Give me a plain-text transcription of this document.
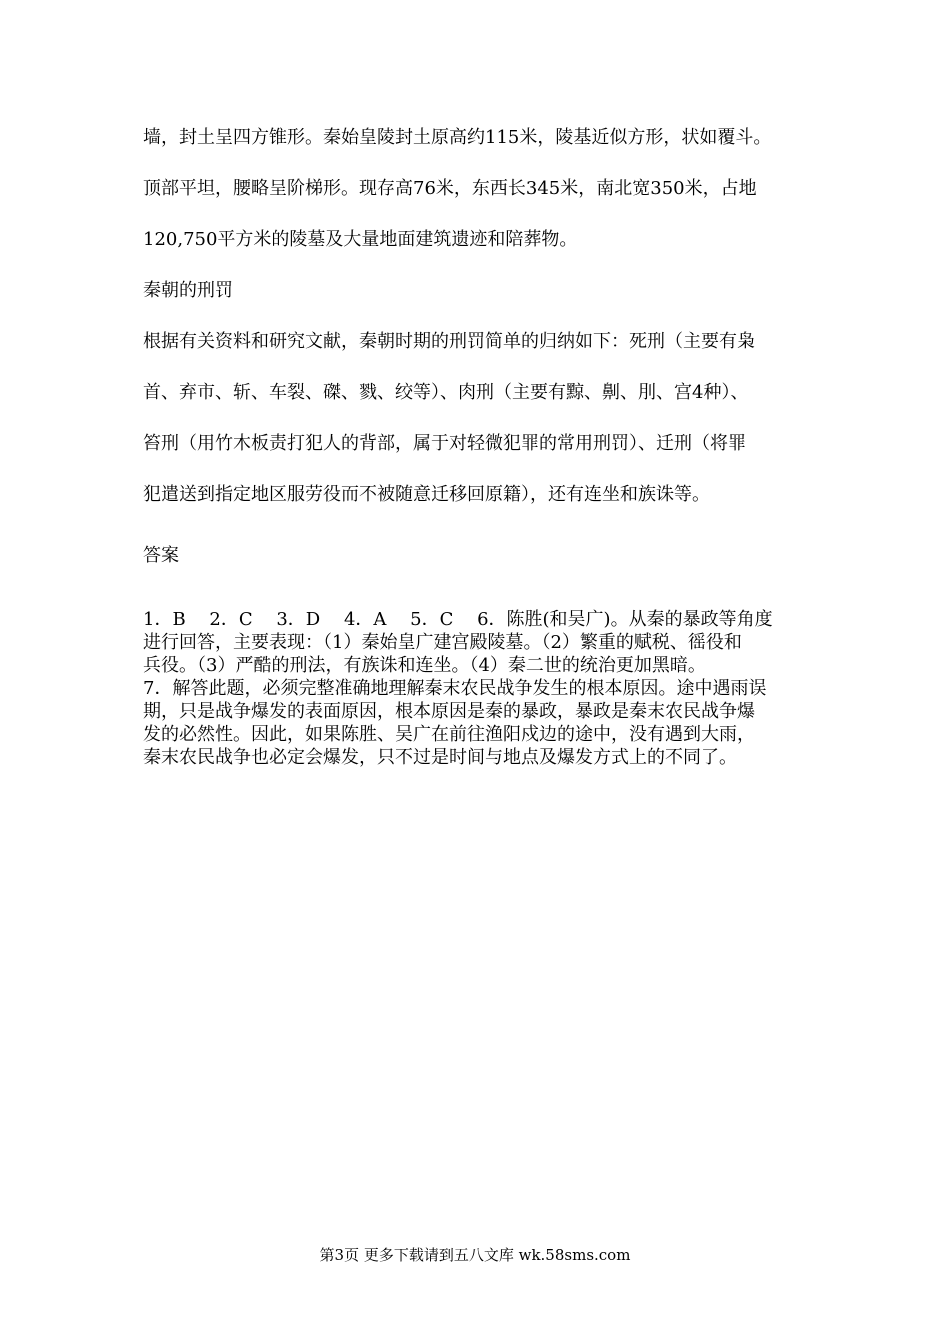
墙，封土呈四方锥形。秦始皇陵封土原高约115米，陵基近似方形，状如覆斗。
顶部平坦，腰略呈阶梯形。现存高76米，东西长345米，南北宽350米，占地
120,750平方米的陵墓及大量地面建筑遗迹和陪葬物。
秦朝的刑罚
根据有关资料和研究文献，秦朝时期的刑罚简单的归纳如下：死刑（主要有枭
首、弃市、斩、车裂、磔、戮、绞等）、肉刑（主要有黥、劓、刖、宫4种）、
笞刑（用竹木板责打犯人的背部，属于对轻微犯罪的常用刑罚）、迁刑（将罪
犯遣送到指定地区服劳役而不被随意迁移回原籍），还有连坐和族诛等。
答案

1．B　 2．C　 3．D　 4．A　 5．C　 6．陈胜(和吴广)。从秦的暴政等角度

进行回答，主要表现：（1）秦始皇广建宫殿陵墓。（2）繁重的赋税、徭役和

兵役。（3）严酷的刑法，有族诛和连坐。（4）秦二世的统治更加黑暗。

7．解答此题，必须完整准确地理解秦末农民战争发生的根本原因。途中遇雨误

期，只是战争爆发的表面原因，根本原因是秦的暴政，暴政是秦末农民战争爆

发的必然性。因此，如果陈胜、吴广在前往渔阳戍边的途中，没有遇到大雨，

秦末农民战争也必定会爆发，只不过是时间与地点及爆发方式上的不同了。

第3页 更多下载请到五八文库 wk.58sms.com
